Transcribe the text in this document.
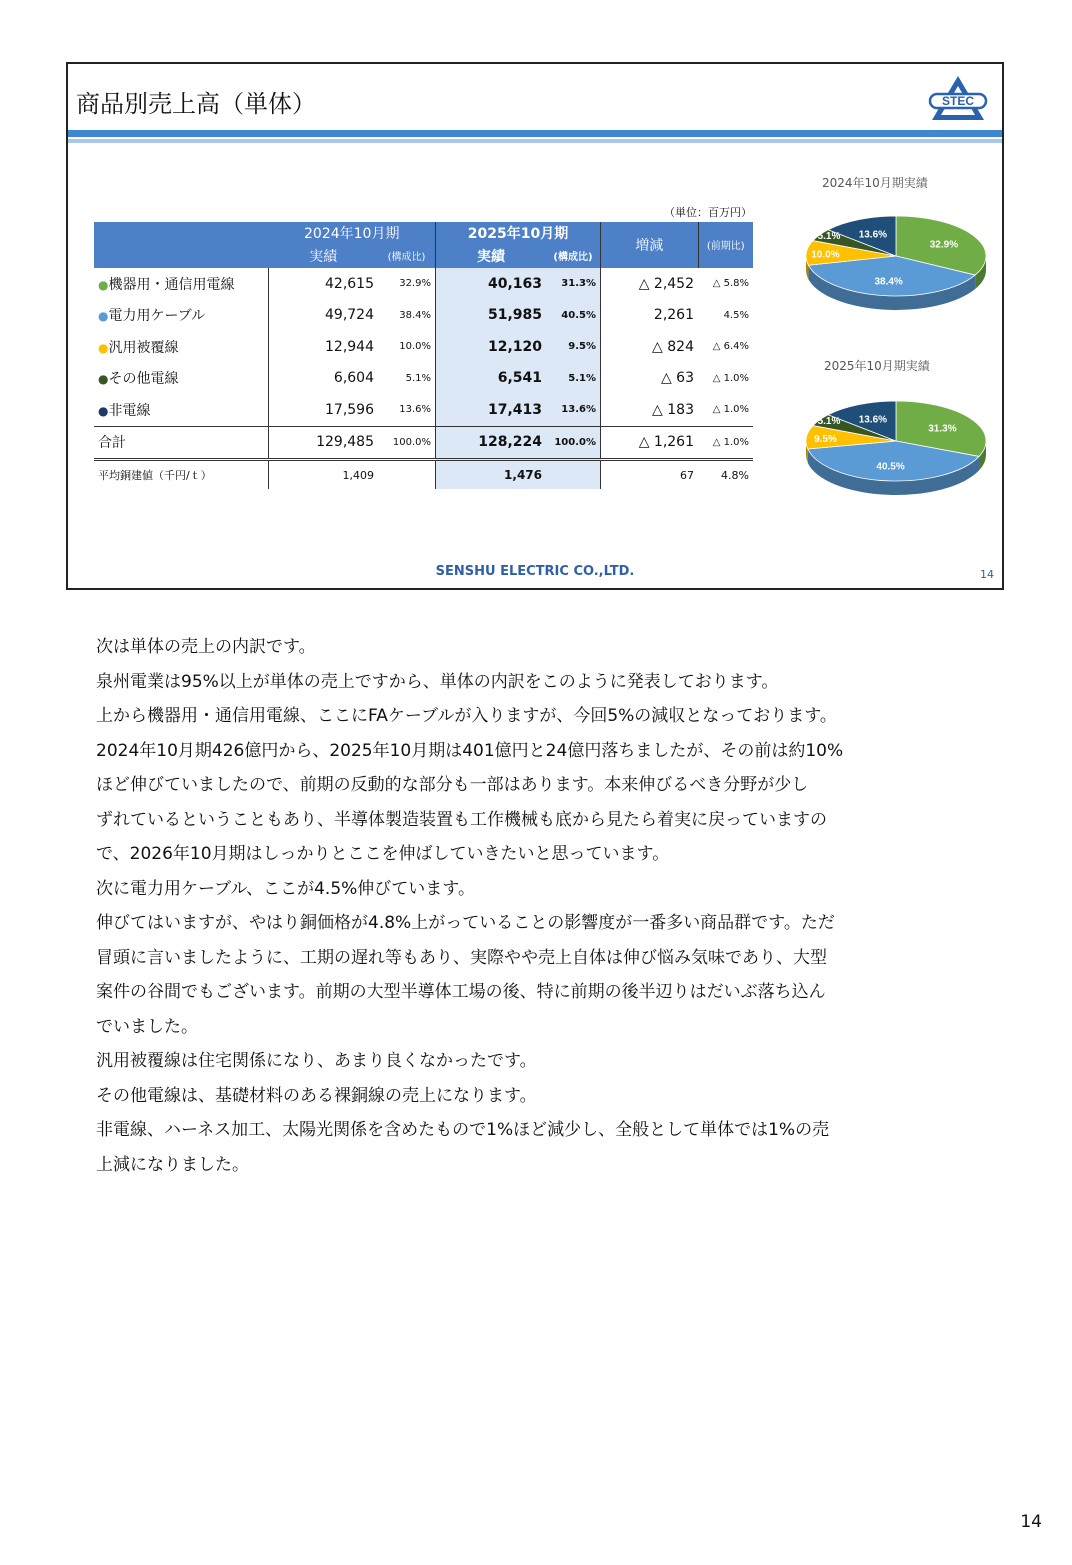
商品別売上高（単体）	STEC
（単位：百万円）
	2024年10月期		2025年10月期		増減	(前期比)
	実績	(構成比)	実績	(構成比)		
●機器用・通信用電線	42,615	32.9%	40,163	31.3%	△ 2,452	△ 5.8%
●電力用ケーブル	49,724	38.4%	51,985	40.5%	2,261	4.5%
●汎用被覆線	12,944	10.0%	12,120	9.5%	△ 824	△ 6.4%
●その他電線	6,604	5.1%	6,541	5.1%	△ 63	△ 1.0%
●非電線	17,596	13.6%	17,413	13.6%	△ 183	△ 1.0%
合計	129,485	100.0%	128,224	100.0%	△ 1,261	△ 1.0%
平均銅建値（千円/ｔ）	1,409		1,476		67	4.8%
2024年10月期実績
32.9%
38.4%
10.0%
5.1% 13.6%
2025年10月期実績
31.3%
40.5%
9.5%
5.1% 13.6%
SENSHU ELECTRIC CO.,LTD.	14

次は単体の売上の内訳です。

泉州電業は95%以上が単体の売上ですから、単体の内訳をこのように発表しております。

上から機器用・通信用電線、ここにFAケーブルが入りますが、今回5%の減収となっております。

2024年10月期426億円から、2025年10月期は401億円と24億円落ちましたが、その前は約10%

ほど伸びていましたので、前期の反動的な部分も一部はあります。本来伸びるべき分野が少し

ずれているということもあり、半導体製造装置も工作機械も底から見たら着実に戻っていますの

で、2026年10月期はしっかりとここを伸ばしていきたいと思っています。

次に電力用ケーブル、ここが4.5%伸びています。

伸びてはいますが、やはり銅価格が4.8%上がっていることの影響度が一番多い商品群です。ただ

冒頭に言いましたように、工期の遅れ等もあり、実際やや売上自体は伸び悩み気味であり、大型

案件の谷間でもございます。前期の大型半導体工場の後、特に前期の後半辺りはだいぶ落ち込ん

でいました。

汎用被覆線は住宅関係になり、あまり良くなかったです。

その他電線は、基礎材料のある裸銅線の売上になります。

非電線、ハーネス加工、太陽光関係を含めたもので1%ほど減少し、全般として単体では1%の売

上減になりました。

14
